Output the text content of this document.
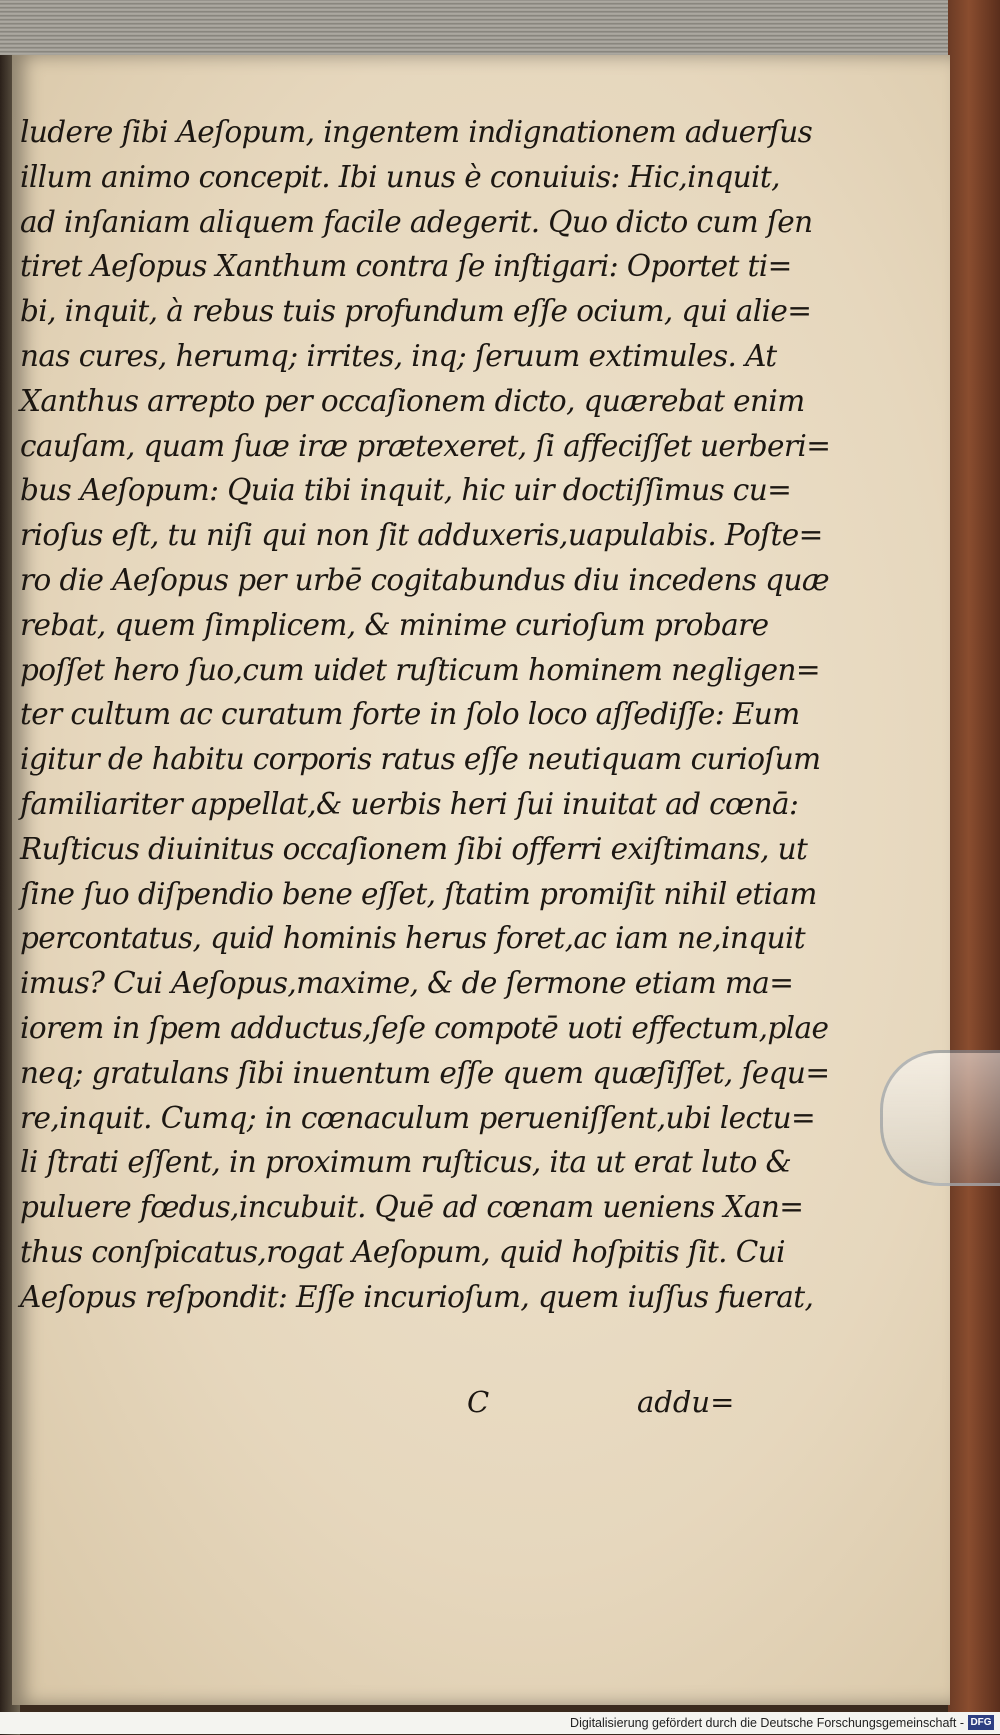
ludere ſibi Aeſopum, ingentem indignationem aduerſus
illum animo concepit. Ibi unus è conuiuis: Hic,inquit,
ad inſaniam aliquem facile adegerit. Quo dicto cum ſen
tiret Aeſopus Xanthum contra ſe inſtigari: Oportet ti=
bi, inquit, à rebus tuis profundum eſſe ocium, qui alie=
nas cures, herumq; irrites, inq; ſeruum extimules. At
Xanthus arrepto per occaſionem dicto, quærebat enim
cauſam, quam ſuæ iræ prætexeret, ſi affeciſſet uerberi=
bus Aeſopum: Quia tibi inquit, hic uir doctiſſimus cu=
rioſus eſt, tu niſi qui non ſit adduxeris,uapulabis. Poſte=
ro die Aeſopus per urbē cogitabundus diu incedens quæ
rebat, quem ſimplicem, & minime curioſum probare
poſſet hero ſuo,cum uidet ruſticum hominem negligen=
ter cultum ac curatum forte in ſolo loco aſſediſſe: Eum
igitur de habitu corporis ratus eſſe neutiquam curioſum
familiariter appellat,& uerbis heri ſui inuitat ad cœnā:
Ruſticus diuinitus occaſionem ſibi offerri exiſtimans, ut
ſine ſuo diſpendio bene eſſet, ſtatim promiſit nihil etiam
percontatus, quid hominis herus foret,ac iam ne,inquit
imus? Cui Aeſopus,maxime, & de ſermone etiam ma=
iorem in ſpem adductus,ſeſe compotē uoti effectum,plae
neq; gratulans ſibi inuentum eſſe quem quæſiſſet, ſequ=
re,inquit. Cumq; in cœnaculum perueniſſent,ubi lectu=
li ſtrati eſſent, in proximum ruſticus, ita ut erat luto &
puluere fœdus,incubuit. Quē ad cœnam ueniens Xan=
thus conſpicatus,rogat Aeſopum, quid hoſpitis ſit. Cui
Aeſopus reſpondit: Eſſe incurioſum, quem iuſſus fuerat,
C	addu=
Digitalisierung gefördert durch die Deutsche Forschungsgemeinschaft - DFG
